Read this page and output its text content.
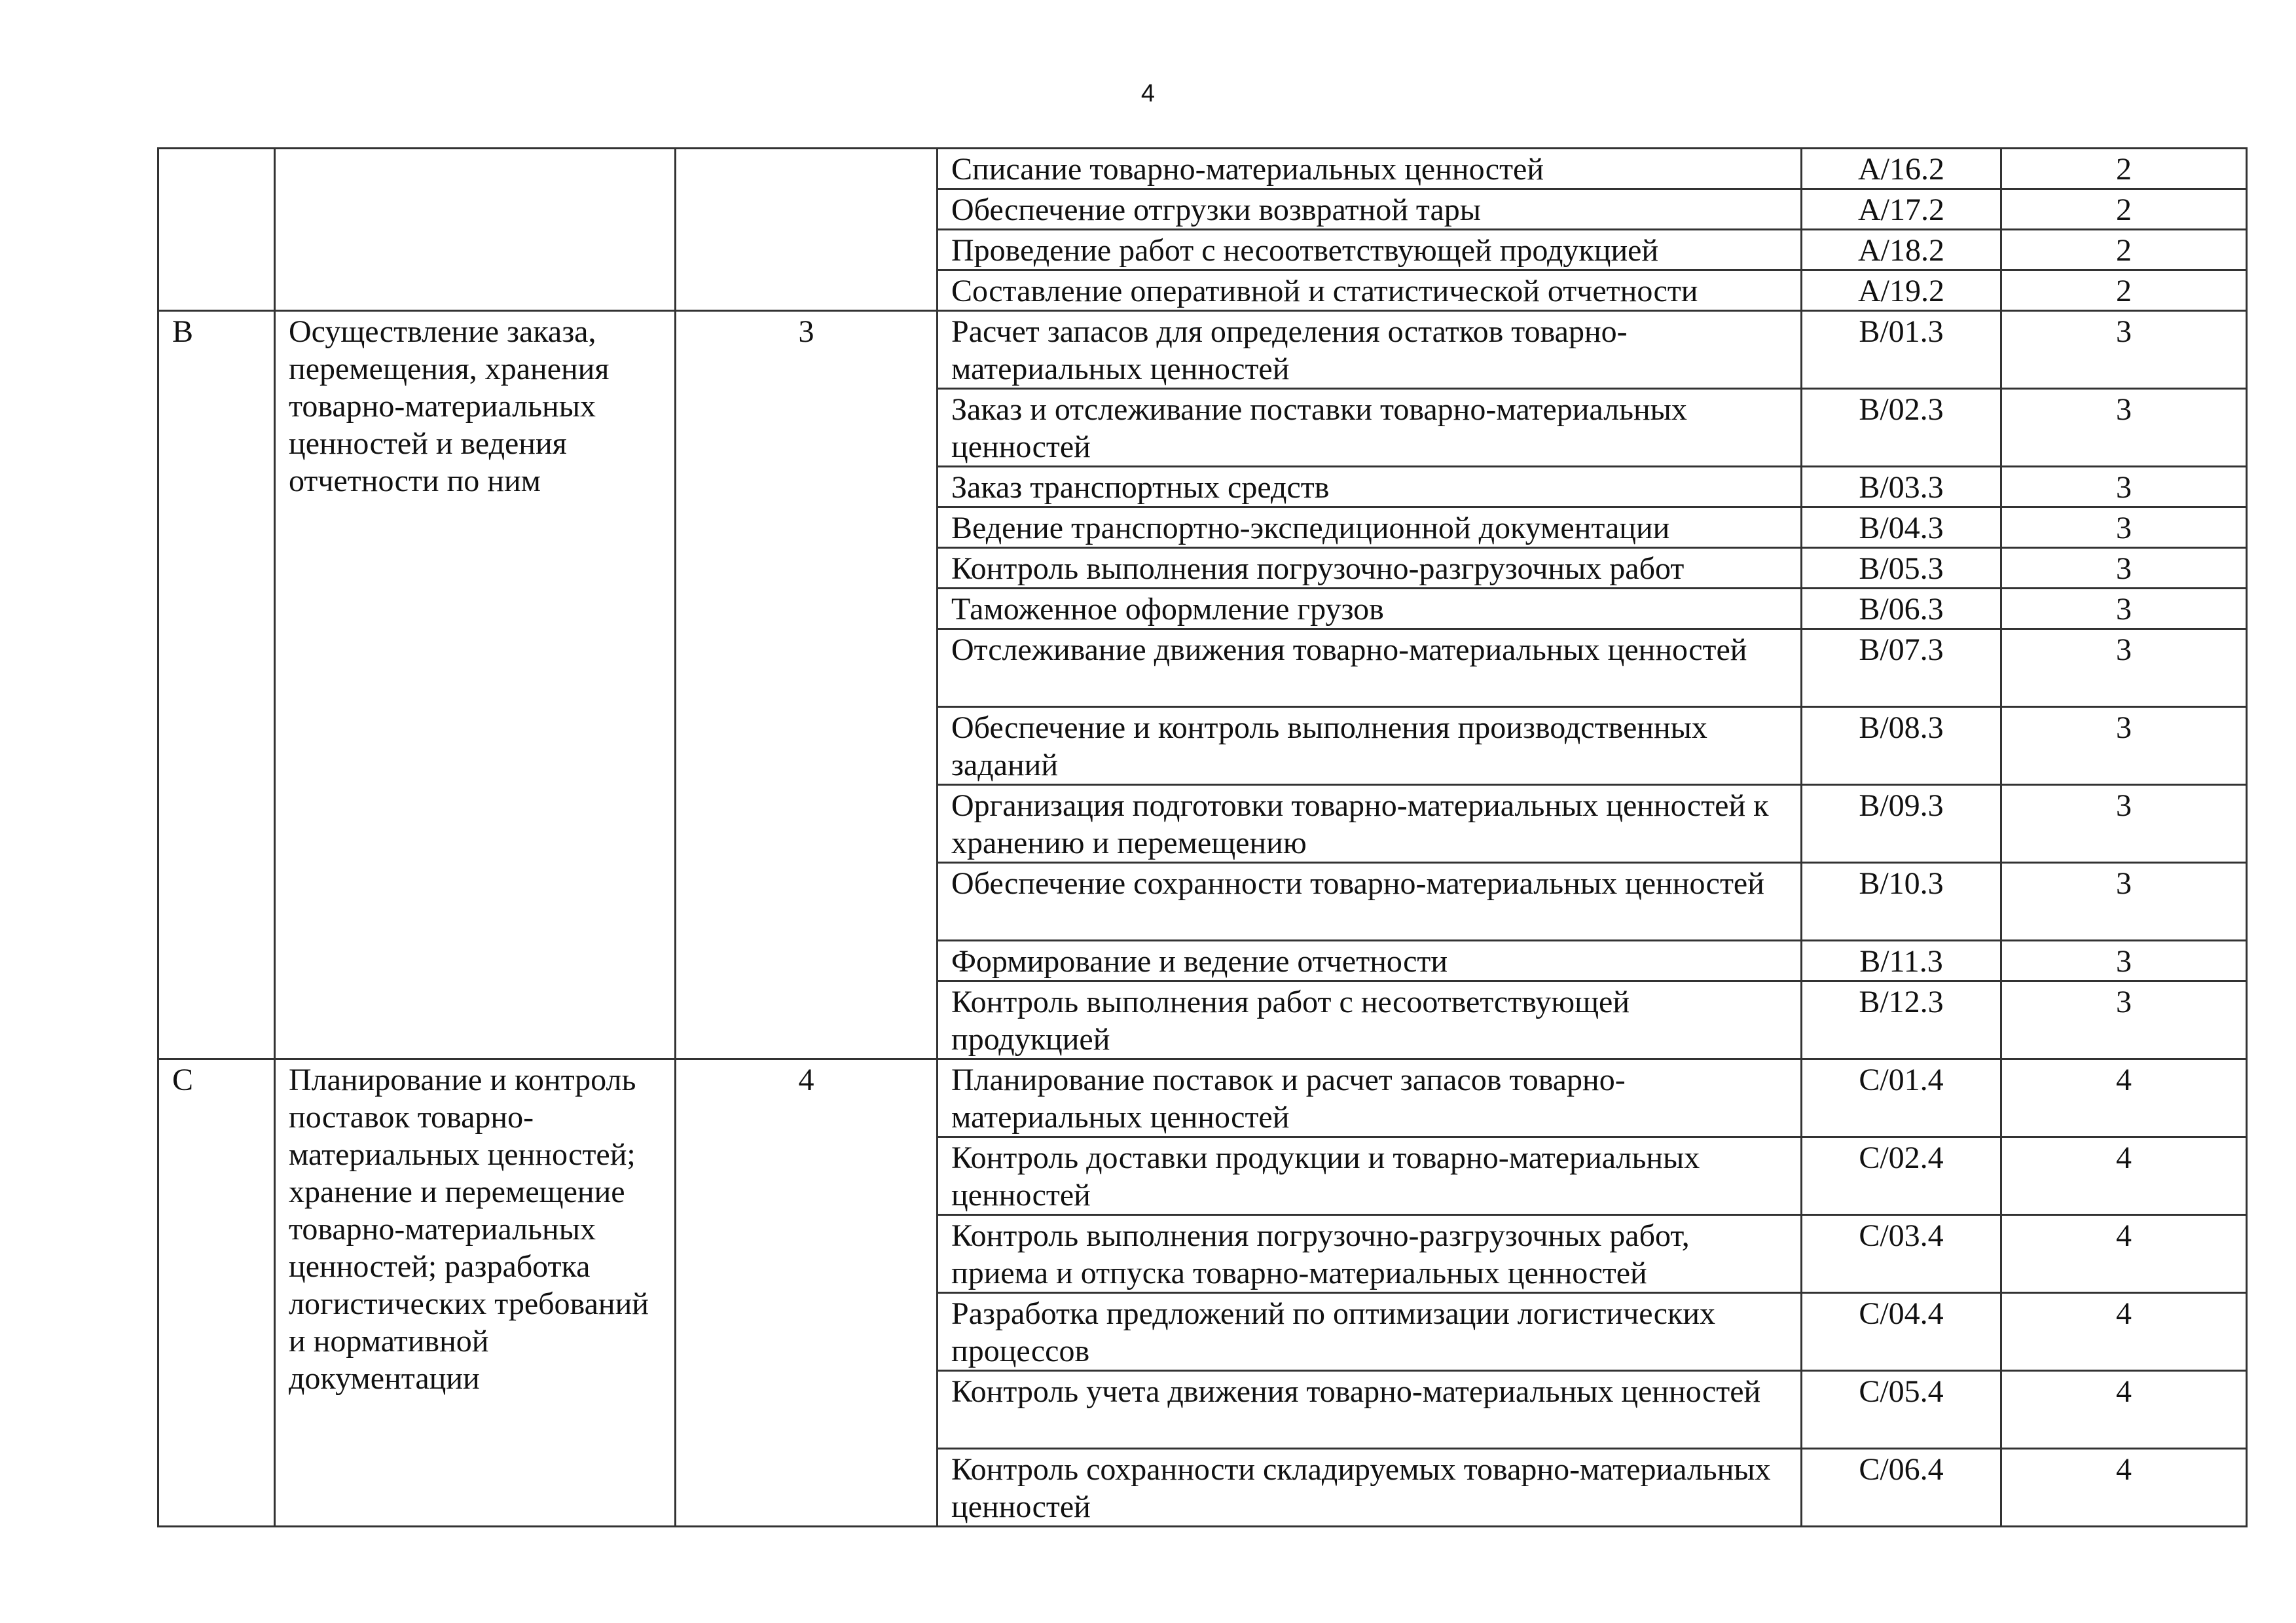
4
			Списание товарно-материальных ценностей	A/16.2	2
			Обеспечение отгрузки возвратной тары	A/17.2	2
			Проведение работ с несоответствующей продукцией	A/18.2	2
			Составление оперативной и статистической отчетности	A/19.2	2
B	Осуществление заказа, перемещения, хранения товарно-материальных ценностей и ведения отчетности по ним	3	Расчет запасов для определения остатков товарно-материальных ценностей	B/01.3	3
			Заказ и отслеживание поставки товарно-материальных ценностей	B/02.3	3
			Заказ транспортных средств	B/03.3	3
			Ведение транспортно-экспедиционной документации	B/04.3	3
			Контроль выполнения погрузочно-разгрузочных работ	B/05.3	3
			Таможенное оформление грузов	B/06.3	3
			Отслеживание движения товарно-материальных ценностей	B/07.3	3
			Обеспечение и контроль выполнения производственных заданий	B/08.3	3
			Организация подготовки товарно-материальных ценностей к хранению и перемещению	B/09.3	3
			Обеспечение сохранности товарно-материальных ценностей	B/10.3	3
			Формирование и ведение отчетности	B/11.3	3
			Контроль выполнения работ с несоответствующей продукцией	B/12.3	3
C	Планирование и контроль поставок товарно-материальных ценностей; хранение и перемещение товарно-материальных ценностей; разработка логистических требований и нормативной документации	4	Планирование поставок и расчет запасов товарно-материальных ценностей	C/01.4	4
			Контроль доставки продукции и товарно-материальных ценностей	C/02.4	4
			Контроль выполнения погрузочно-разгрузочных работ, приема и отпуска товарно-материальных ценностей	C/03.4	4
			Разработка предложений по оптимизации логистических процессов	C/04.4	4
			Контроль учета движения товарно-материальных ценностей	C/05.4	4
			Контроль сохранности складируемых товарно-материальных ценностей	C/06.4	4
